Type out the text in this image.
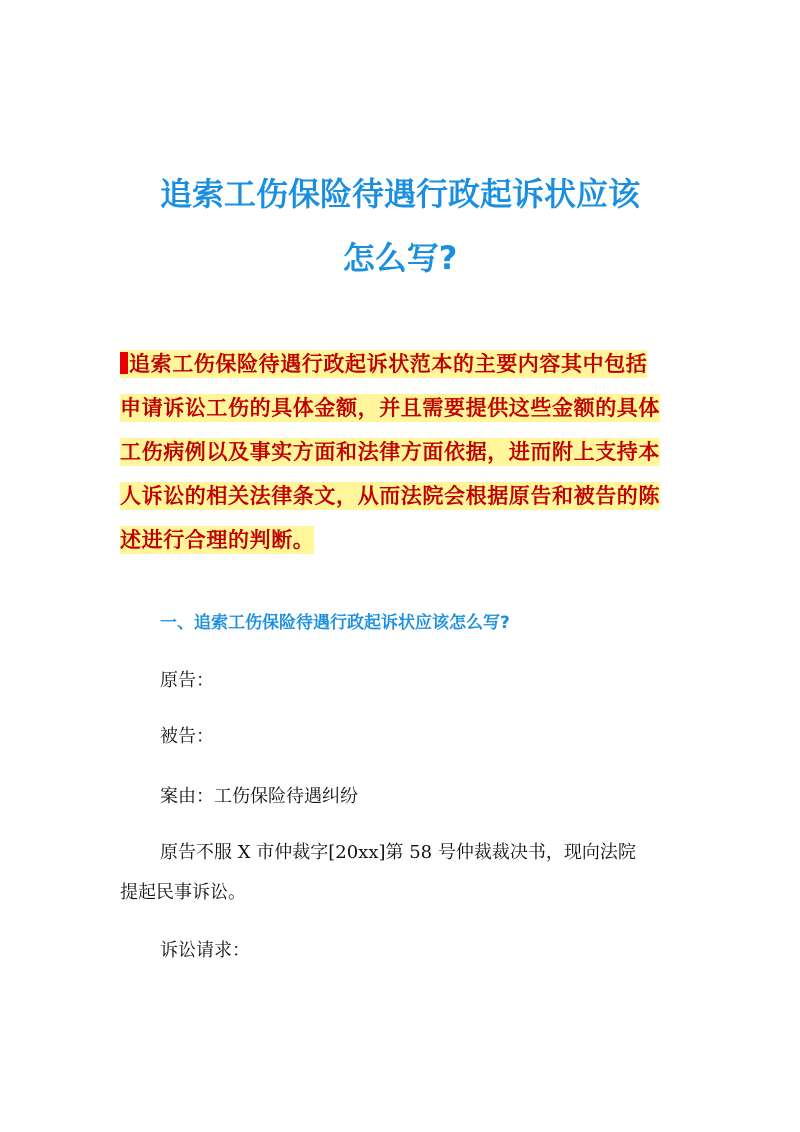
追索工伤保险待遇行政起诉状应该
怎么写?
追索工伤保险待遇行政起诉状范本的主要内容其中包括
申请诉讼工伤的具体金额，并且需要提供这些金额的具体
工伤病例以及事实方面和法律方面依据，进而附上支持本
人诉讼的相关法律条文，从而法院会根据原告和被告的陈
述进行合理的判断。
一、追索工伤保险待遇行政起诉状应该怎么写?
原告：
被告：
案由：工伤保险待遇纠纷
原告不服 X 市仲裁字[20xx]第 58 号仲裁裁决书，现向法院
提起民事诉讼。
诉讼请求：
